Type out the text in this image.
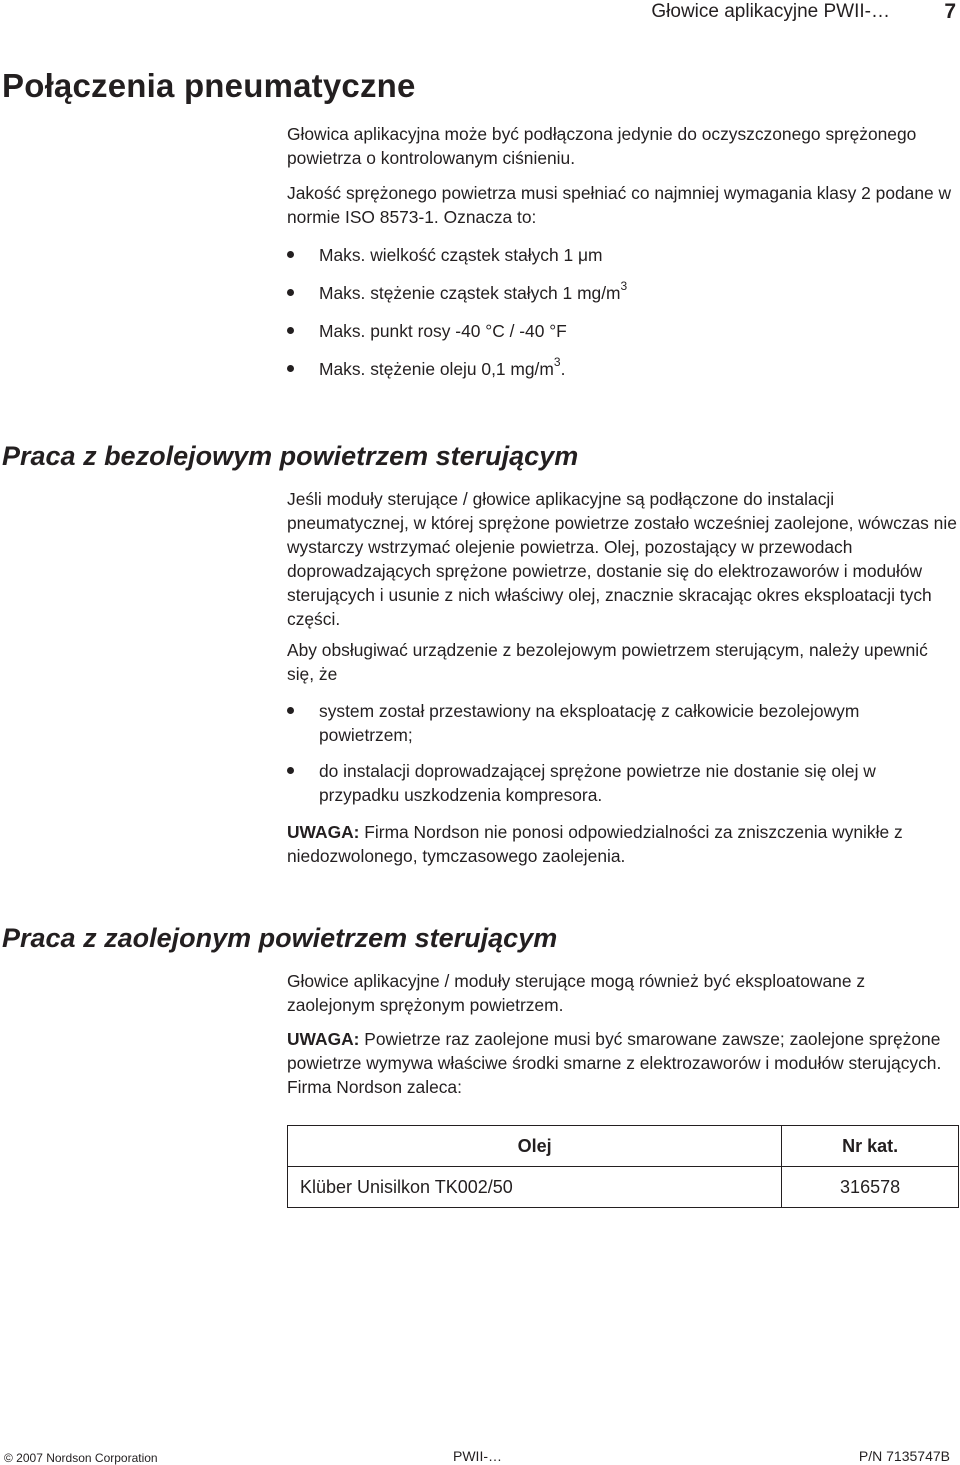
Głowice aplikacyjne PWII-…	7
Połączenia pneumatyczne

Głowica aplikacyjna może być podłączona jedynie do oczyszczonego sprężonego powietrza o kontrolowanym ciśnieniu.

Jakość sprężonego powietrza musi spełniać co najmniej wymagania klasy 2 podane w normie ISO 8573-1. Oznacza to:

Maks. wielkość cząstek stałych 1 μm
Maks. stężenie cząstek stałych 1 $mg/m^3$
Maks. punkt rosy -40 °C / -40 °F
Maks. stężenie oleju 0,1 $mg/m^3$.
Praca z bezolejowym powietrzem sterującym

Jeśli moduły sterujące / głowice aplikacyjne są podłączone do instalacji pneumatycznej, w której sprężone powietrze zostało wcześniej zaolejone, wówczas nie wystarczy wstrzymać olejenie powietrza. Olej, pozostający w przewodach doprowadzających sprężone powietrze, dostanie się do elektrozaworów i modułów sterujących i usunie z nich właściwy olej, znacznie skracając okres eksploatacji tych części.

Aby obsługiwać urządzenie z bezolejowym powietrzem sterującym, należy upewnić się, że

system został przestawiony na eksploatację z całkowicie bezolejowym powietrzem;
do instalacji doprowadzającej sprężone powietrze nie dostanie się olej w przypadku uszkodzenia kompresora.

UWAGA: Firma Nordson nie ponosi odpowiedzialności za zniszczenia wynikłe z niedozwolonego, tymczasowego zaolejenia.

Praca z zaolejonym powietrzem sterującym

Głowice aplikacyjne / moduły sterujące mogą również być eksploatowane z zaolejonym sprężonym powietrzem.

UWAGA: Powietrze raz zaolejone musi być smarowane zawsze; zaolejone sprężone powietrze wymywa właściwe środki smarne z elektrozaworów i modułów sterujących. Firma Nordson zaleca:

Olej	Nr kat.
Klüber Unisilkon TK002/50	316578
© 2007 Nordson Corporation	PWII-…	P/N 7135747B
